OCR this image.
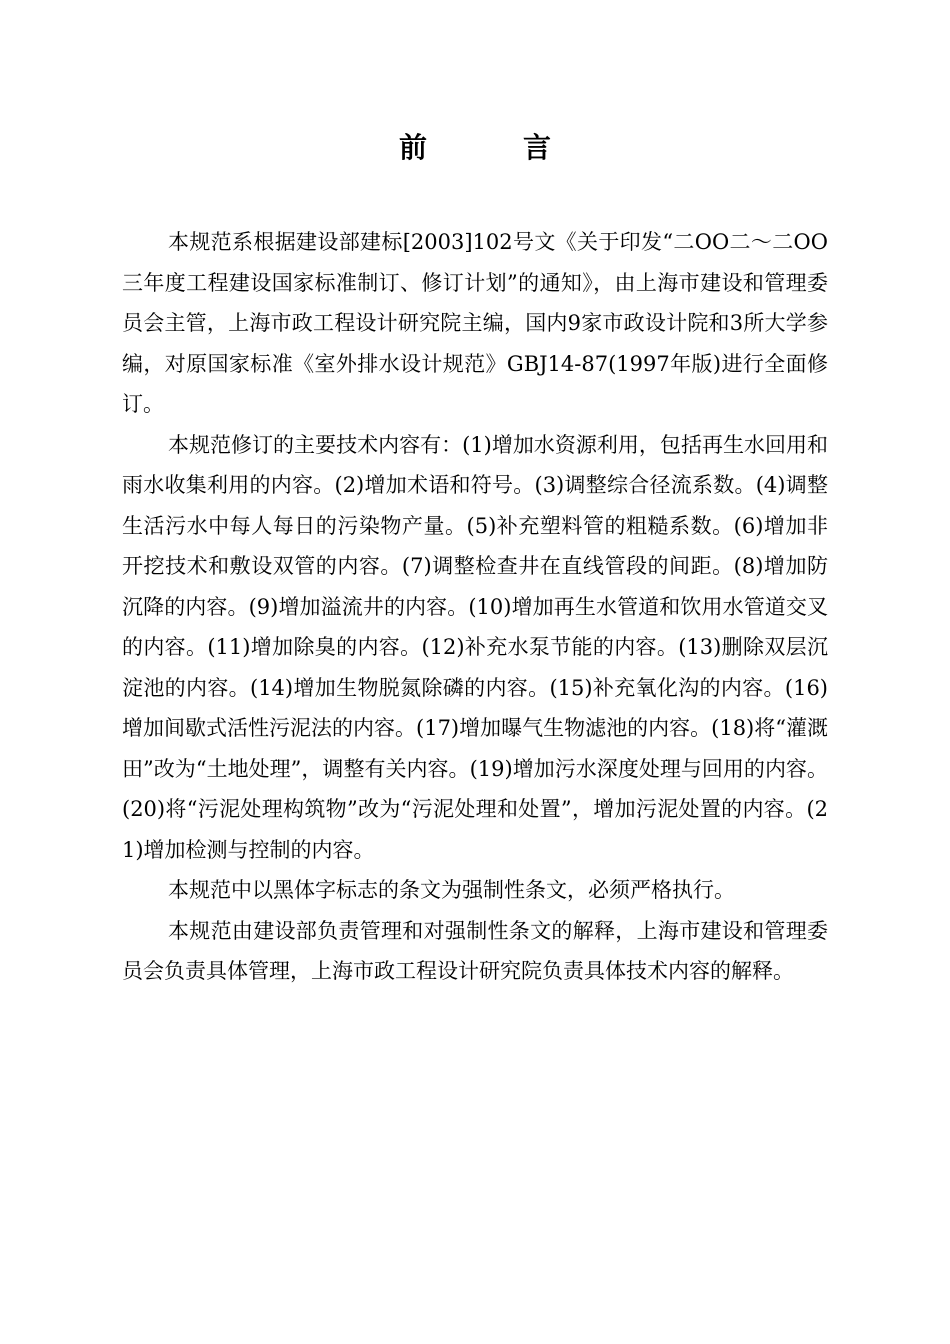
前　言

本规范系根据建设部建标[2003]102号文《关于印发“二OO二～二OO三年度工程建设国家标准制订、修订计划”的通知》，由上海市建设和管理委员会主管，上海市政工程设计研究院主编，国内9家市政设计院和3所大学参编，对原国家标准《室外排水设计规范》GBJ14-87(1997年版)进行全面修订。

本规范修订的主要技术内容有：(1)增加水资源利用，包括再生水回用和雨水收集利用的内容。(2)增加术语和符号。(3)调整综合径流系数。(4)调整生活污水中每人每日的污染物产量。(5)补充塑料管的粗糙系数。(6)增加非开挖技术和敷设双管的内容。(7)调整检查井在直线管段的间距。(8)增加防沉降的内容。(9)增加溢流井的内容。(10)增加再生水管道和饮用水管道交叉的内容。(11)增加除臭的内容。(12)补充水泵节能的内容。(13)删除双层沉淀池的内容。(14)增加生物脱氮除磷的内容。(15)补充氧化沟的内容。(16)增加间歇式活性污泥法的内容。(17)增加曝气生物滤池的内容。(18)将“灌溉田”改为“土地处理”，调整有关内容。(19)增加污水深度处理与回用的内容。(20)将“污泥处理构筑物”改为“污泥处理和处置”，增加污泥处置的内容。(21)增加检测与控制的内容。

本规范中以黑体字标志的条文为强制性条文，必须严格执行。

本规范由建设部负责管理和对强制性条文的解释，上海市建设和管理委员会负责具体管理，上海市政工程设计研究院负责具体技术内容的解释。
